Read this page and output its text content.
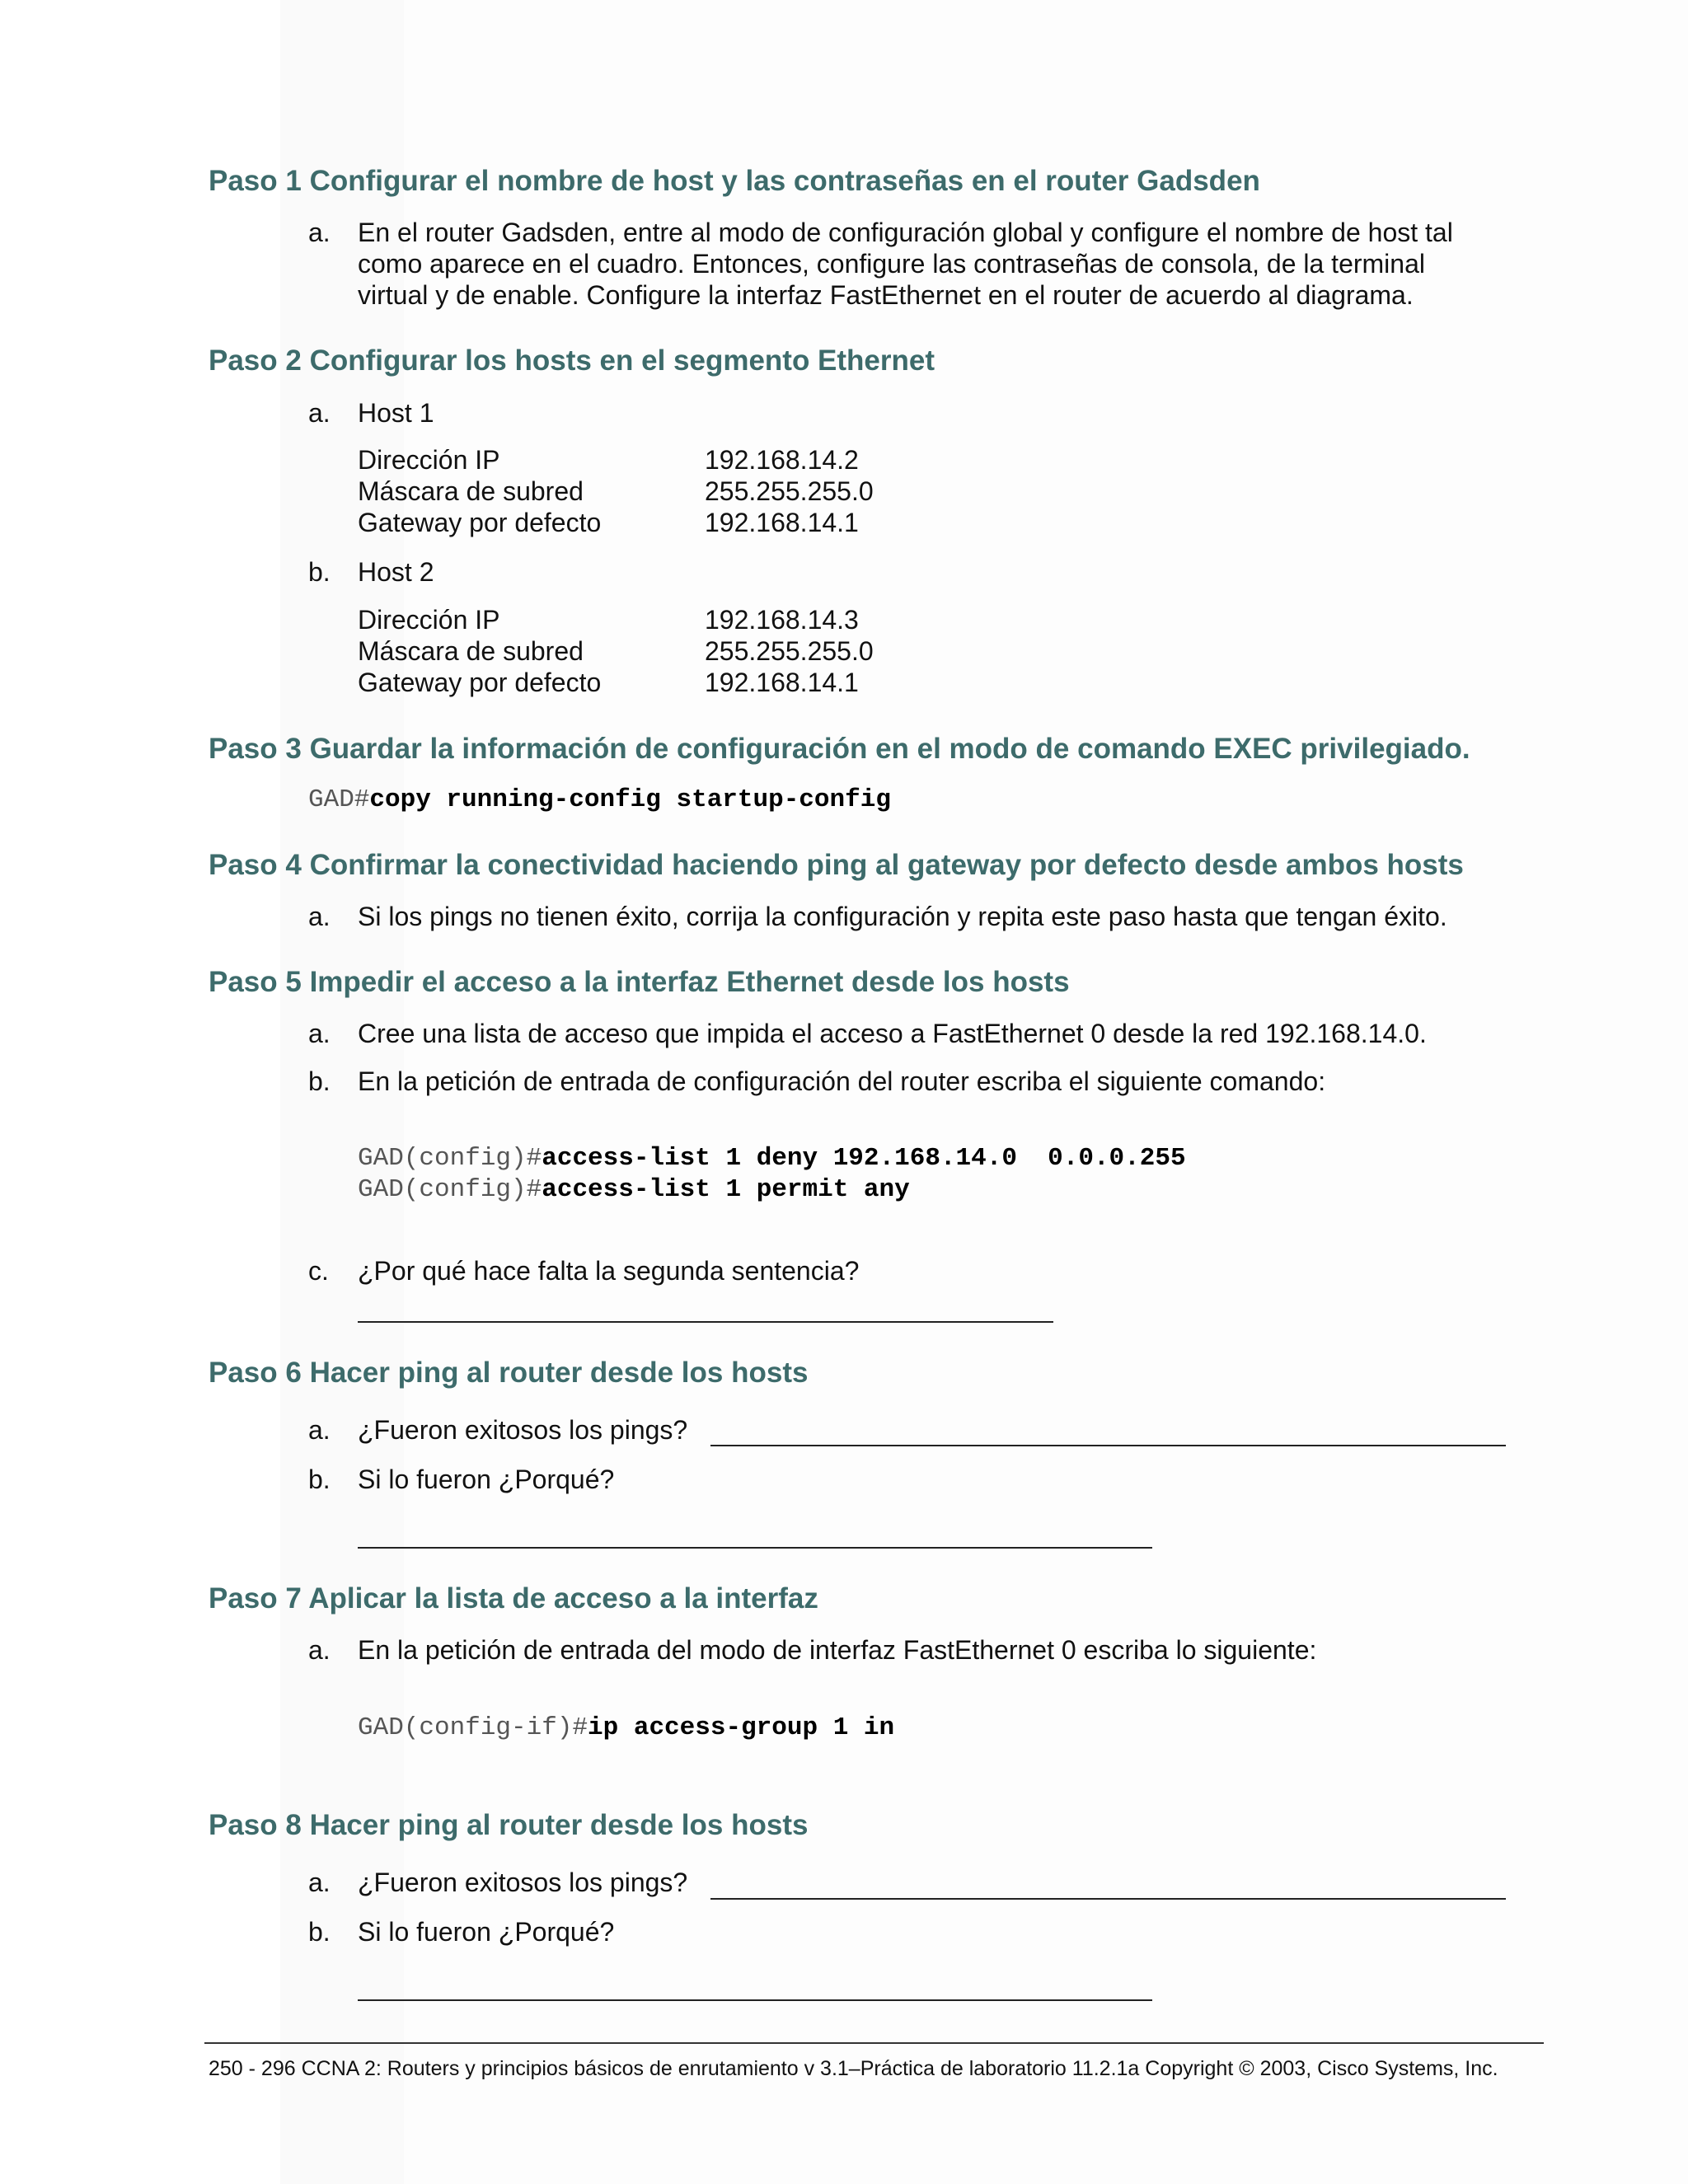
Paso 1 Configurar el nombre de host y las contraseñas en el router Gadsden
a. En el router Gadsden, entre al modo de configuración global y configure el nombre de host tal
como aparece en el cuadro. Entonces, configure las contraseñas de consola, de la terminal
virtual y de enable. Configure la interfaz FastEthernet en el router de acuerdo al diagrama.
Paso 2 Configurar los hosts en el segmento Ethernet
a. Host 1
Dirección IP	192.168.14.2
Máscara de subred	255.255.255.0
Gateway por defecto	192.168.14.1
b. Host 2
Dirección IP	192.168.14.3
Máscara de subred	255.255.255.0
Gateway por defecto	192.168.14.1
Paso 3 Guardar la información de configuración en el modo de comando EXEC privilegiado.
GAD#copy running-config startup-config
Paso 4 Confirmar la conectividad haciendo ping al gateway por defecto desde ambos hosts
a. Si los pings no tienen éxito, corrija la configuración y repita este paso hasta que tengan éxito.
Paso 5 Impedir el acceso a la interfaz Ethernet desde los hosts
a. Cree una lista de acceso que impida el acceso a FastEthernet 0 desde la red 192.168.14.0.
b. En la petición de entrada de configuración del router escriba el siguiente comando:
GAD(config)#access-list 1 deny 192.168.14.0  0.0.0.255
GAD(config)#access-list 1 permit any
c. ¿Por qué hace falta la segunda sentencia?
Paso 6 Hacer ping al router desde los hosts
a. ¿Fueron exitosos los pings?
b. Si lo fueron ¿Porqué?
Paso 7 Aplicar la lista de acceso a la interfaz
a. En la petición de entrada del modo de interfaz FastEthernet 0 escriba lo siguiente:
GAD(config-if)#ip access-group 1 in
Paso 8 Hacer ping al router desde los hosts
a. ¿Fueron exitosos los pings?
b. Si lo fueron ¿Porqué?
250 - 296 CCNA 2: Routers y principios básicos de enrutamiento v 3.1–Práctica de laboratorio 11.2.1a Copyright © 2003, Cisco Systems, Inc.
